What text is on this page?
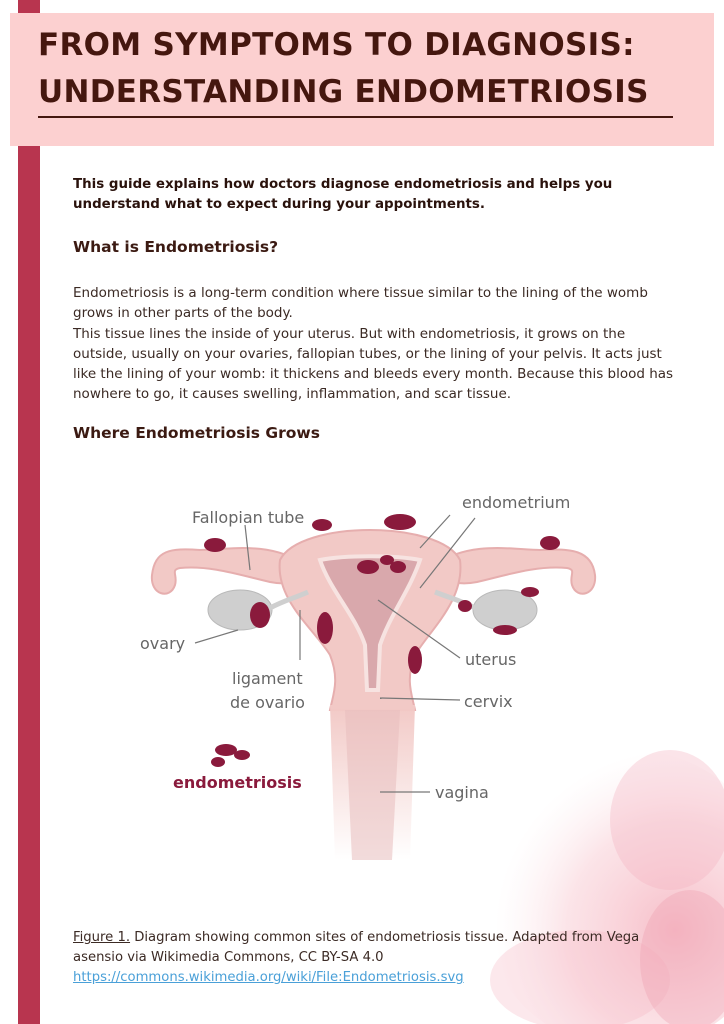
FROM SYMPTOMS TO DIAGNOSIS: UNDERSTANDING ENDOMETRIOSIS

This guide explains how doctors diagnose endometriosis and helps you understand what to expect during your appointments.

What is Endometriosis?
Endometriosis is a long-term condition where tissue similar to the lining of the womb grows in other parts of the body.
This tissue lines the inside of your uterus. But with endometriosis, it grows on the outside, usually on your ovaries, fallopian tubes, or the lining of your pelvis. It acts just like the lining of your womb: it thickens and bleeds every month. Because this blood has nowhere to go, it causes swelling, inflammation, and scar tissue.
Where Endometriosis Grows
Fallopian tube
endometrium
ovary
uterus
ligament
de ovario	cervix
vagina
endometriosis
Figure 1. Diagram showing common sites of endometriosis tissue. Adapted from Vega asensio via Wikimedia Commons, CC BY-SA 4.0
https://commons.wikimedia.org/wiki/File:Endometriosis.svg
